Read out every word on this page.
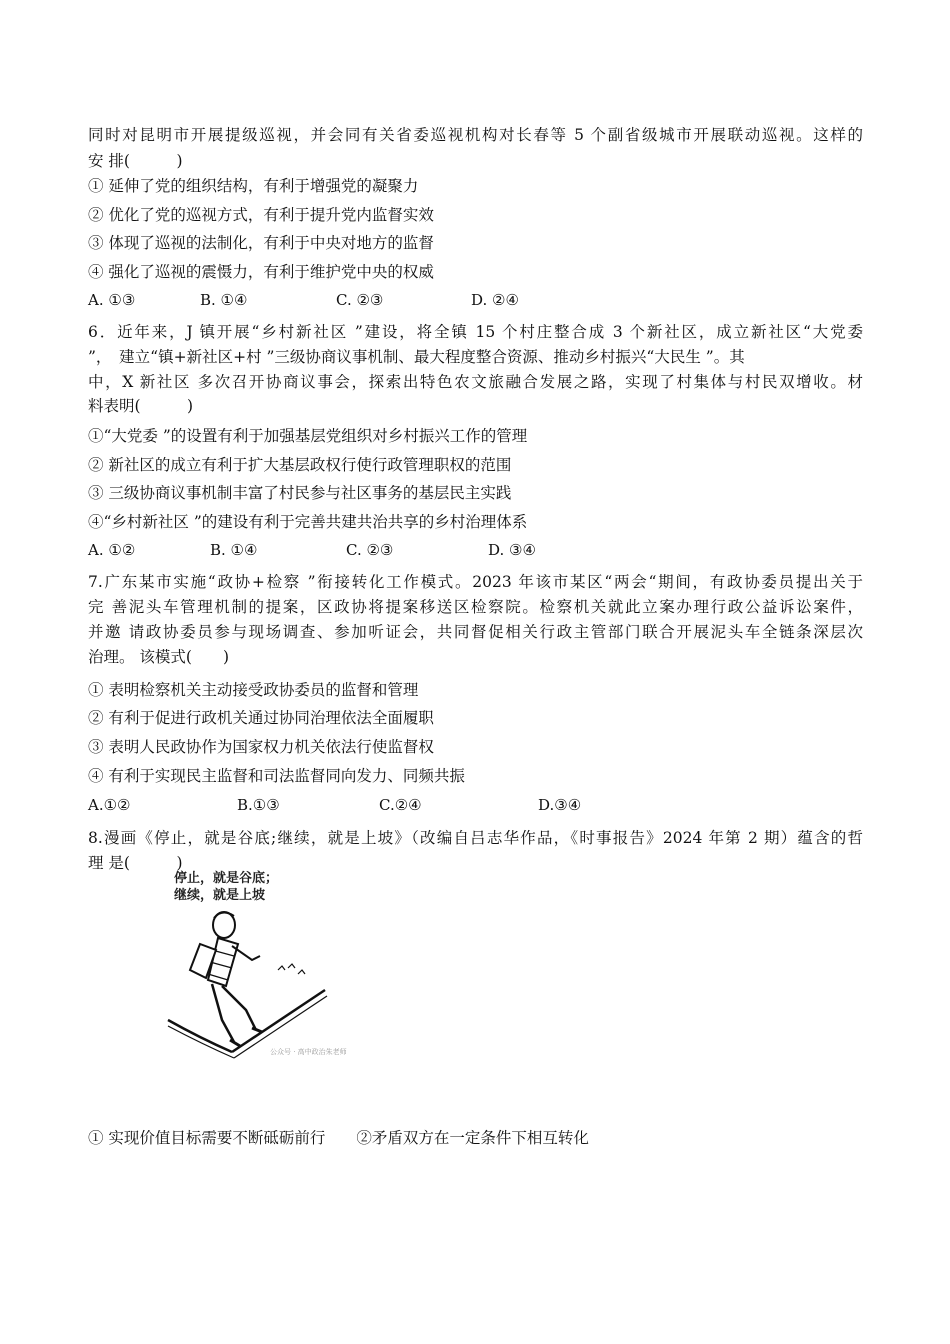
同时对昆明市开展提级巡视，并会同有关省委巡视机构对长春等 5 个副省级城市开展联动巡视。这样的
安 排(　　　)
① 延伸了党的组织结构，有利于增强党的凝聚力
② 优化了党的巡视方式，有利于提升党内监督实效
③ 体现了巡视的法制化，有利于中央对地方的监督
④ 强化了巡视的震慑力，有利于维护党中央的权威
A. ①③	B. ①④	C. ②③	D. ②④
6．近年来，J 镇开展“乡村新社区 ”建设，将全镇 15 个村庄整合成 3 个新社区，成立新社区“大党委
”，　建立“镇+新社区+村 ”三级协商议事机制、最大程度整合资源、推动乡村振兴“大民生 ”。其
中，X 新社区 多次召开协商议事会，探索出特色农文旅融合发展之路，实现了村集体与村民双增收。材
料表明(　　　)
①“大党委 ”的设置有利于加强基层党组织对乡村振兴工作的管理
② 新社区的成立有利于扩大基层政权行使行政管理职权的范围
③ 三级协商议事机制丰富了村民参与社区事务的基层民主实践
④“乡村新社区 ”的建设有利于完善共建共治共享的乡村治理体系
A. ①②	B. ①④	C. ②③	D. ③④
7.广东某市实施“政协+检察 ”衔接转化工作模式。2023 年该市某区“两会“期间，有政协委员提出关于
完 善泥头车管理机制的提案，区政协将提案移送区检察院。检察机关就此立案办理行政公益诉讼案件，
并邀 请政协委员参与现场调查、参加听证会，共同督促相关行政主管部门联合开展泥头车全链条深层次
治理。 该模式(　　)
① 表明检察机关主动接受政协委员的监督和管理
② 有利于促进行政机关通过协同治理依法全面履职
③ 表明人民政协作为国家权力机关依法行使监督权
④ 有利于实现民主监督和司法监督同向发力、同频共振
A.①②	B.①③	C.②④	D.③④
8.漫画《停止，就是谷底;继续，就是上坡》（改编自吕志华作品，《时事报告》2024 年第 2 期）蕴含的哲
理 是(　　　)
停止，就是谷底；
继续，就是上坡
公众号 · 高中政治朱老师
① 实现价值目标需要不断砥砺前行　　②矛盾双方在一定条件下相互转化
